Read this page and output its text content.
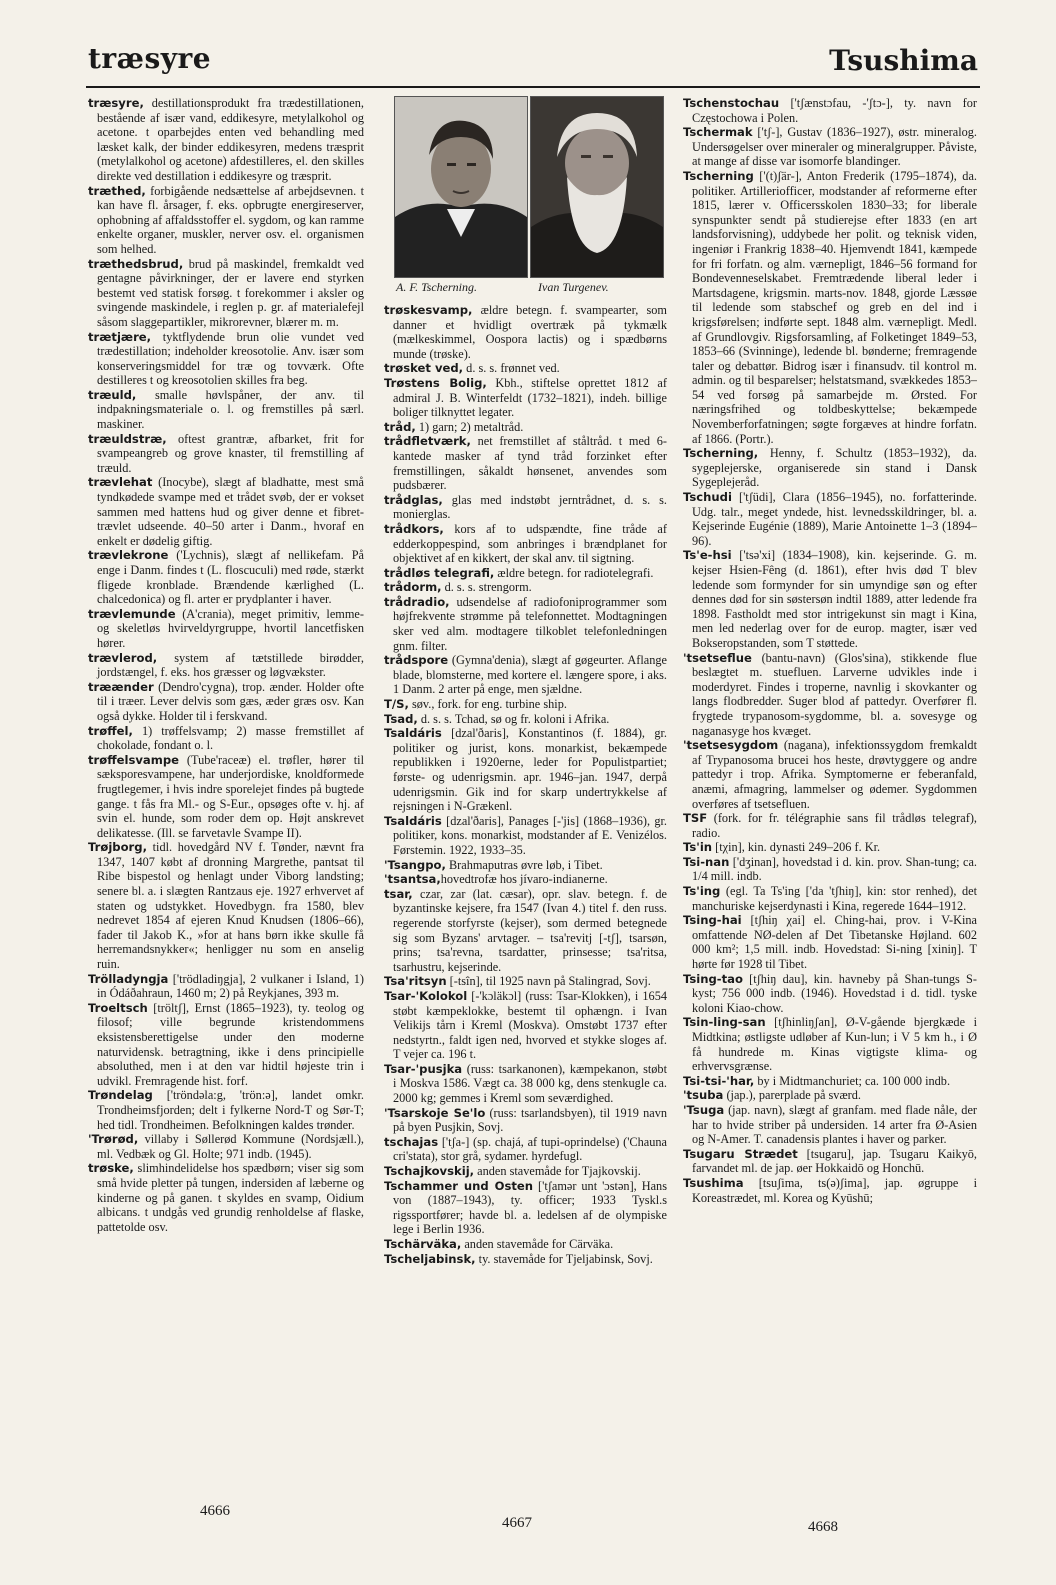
træsyre	Tsushima

træsyre, destillationsprodukt fra trædestillationen, bestående af især vand, eddikesyre, metylalkohol og acetone. t oparbejdes enten ved behandling med læsket kalk, der binder eddikesyren, medens træsprit (metylalkohol og acetone) afdestilleres, el. den skilles direkte ved destillation i eddikesyre og træsprit.

træthed, forbigående nedsættelse af arbejdsevnen. t kan have fl. årsager, f. eks. opbrugte energireserver, ophobning af affaldsstoffer el. sygdom, og kan ramme enkelte organer, muskler, nerver osv. el. organismen som helhed.

træthedsbrud, brud på maskindel, fremkaldt ved gentagne påvirkninger, der er lavere end styrken bestemt ved statisk forsøg. t forekommer i aksler og svingende maskindele, i reglen p. gr. af materialefejl såsom slaggepartikler, mikrorevner, blærer m. m.

trætjære, tyktflydende brun olie vundet ved trædestillation; indeholder kreosotolie. Anv. især som konserveringsmiddel for træ og tovværk. Ofte destilleres t og kreosotolien skilles fra beg.

træuld, smalle høvlspåner, der anv. til indpakningsmateriale o. l. og fremstilles på særl. maskiner.

træuldstræ, oftest grantræ, afbarket, frit for svampeangreb og grove knaster, til fremstilling af træuld.

trævlehat (Inocybe), slægt af bladhatte, mest små tyndkødede svampe med et trådet svøb, der er vokset sammen med hattens hud og giver denne et fibret-trævlet udseende. 40–50 arter i Danm., hvoraf en enkelt er dødelig giftig.

trævlekrone ('Lychnis), slægt af nellikefam. På enge i Danm. findes t (L. floscuculi) med røde, stærkt fligede kronblade. Brændende kærlighed (L. chalcedonica) og fl. arter er prydplanter i haver.

trævlemunde (A'crania), meget primitiv, lemme- og skeletløs hvirveldyrgruppe, hvortil lancetfisken hører.

trævlerod, system af tætstillede birødder, jordstængel, f. eks. hos græsser og løgvækster.

træænder (Dendro'cygna), trop. ænder. Holder ofte til i træer. Lever delvis som gæs, æder græs osv. Kan også dykke. Holder til i ferskvand.

trøffel, 1) trøffelsvamp; 2) masse fremstillet af chokolade, fondant o. l.

trøffelsvampe (Tube'raceæ) el. trøfler, hører til sæksporesvampene, har underjordiske, knoldformede frugtlegemer, i hvis indre sporelejet findes på bugtede gange. t fås fra Ml.- og S-Eur., opsøges ofte v. hj. af svin el. hunde, som roder dem op. Højt anskrevet delikatesse. (Ill. se farvetavle Svampe II).

Trøjborg, tidl. hovedgård NV f. Tønder, nævnt fra 1347, 1407 købt af dronning Margrethe, pantsat til Ribe bispestol og henlagt under Viborg landsting; senere bl. a. i slægten Rantzaus eje. 1927 erhvervet af staten og udstykket. Hovedbygn. fra 1580, blev nedrevet 1854 af ejeren Knud Knudsen (1806–66), fader til Jakob K., »for at hans børn ikke skulle få herremandsnykker«; henligger nu som en anselig ruin.

Trölladyngja ['trödladiŋgja], 2 vulkaner i Island, 1) in Ódáðahraun, 1460 m; 2) på Reykjanes, 393 m.

Troeltsch [tröltʃ], Ernst (1865–1923), ty. teolog og filosof; ville begrunde kristendommens eksistensberettigelse under den moderne naturvidensk. betragtning, ikke i dens principielle absoluthed, men i at den var hidtil højeste trin i udvikl. Fremragende hist. forf.

Trøndelag ['tröndəla:g, 'trön:ə], landet omkr. Trondheimsfjorden; delt i fylkerne Nord-T og Sør-T; hed tidl. Trondheimen. Befolkningen kaldes trønder.

'Trørød, villaby i Søllerød Kommune (Nordsjæll.), ml. Vedbæk og Gl. Holte; 971 indb. (1945).

trøske, slimhindelidelse hos spædbørn; viser sig som små hvide pletter på tungen, indersiden af læberne og kinderne og på ganen. t skyldes en svamp, Oidium albicans. t undgås ved grundig renholdelse af flaske, pattetolde osv.

A. F. Tscherning.	Ivan Turgenev.

trøskesvamp, ældre betegn. f. svampearter, som danner et hvidligt overtræk på tykmælk (mælkeskimmel, Oospora lactis) og i spædbørns munde (trøske).

trøsket ved, d. s. s. frønnet ved.

Trøstens Bolig, Kbh., stiftelse oprettet 1812 af admiral J. B. Winterfeldt (1732–1821), indeh. billige boliger tilknyttet legater.

tråd, 1) garn; 2) metaltråd.

trådfletværk, net fremstillet af ståltråd. t med 6-kantede masker af tynd tråd forzinket efter fremstillingen, såkaldt hønsenet, anvendes som pudsbærer.

trådglas, glas med indstøbt jerntrådnet, d. s. s. monierglas.

trådkors, kors af to udspændte, fine tråde af edderkoppespind, som anbringes i brændplanet for objektivet af en kikkert, der skal anv. til sigtning.

trådløs telegrafi, ældre betegn. for radiotelegrafi.

trådorm, d. s. s. strengorm.

trådradio, udsendelse af radiofoniprogrammer som højfrekvente strømme på telefonnettet. Modtagningen sker ved alm. modtagere tilkoblet telefonledningen gnm. filter.

trådspore (Gymna'denia), slægt af gøgeurter. Aflange blade, blomsterne, med kortere el. længere spore, i aks. 1 Danm. 2 arter på enge, men sjældne.

T/S, søv., fork. for eng. turbine ship.

Tsad, d. s. s. Tchad, sø og fr. koloni i Afrika.

Tsaldáris [dzal'ðaris], Konstantinos (f. 1884), gr. politiker og jurist, kons. monarkist, bekæmpede republikken i 1920erne, leder for Populistpartiet; første- og udenrigsmin. apr. 1946–jan. 1947, derpå udenrigsmin. Gik ind for skarp undertrykkelse af rejsningen i N-Grækenl.

Tsaldáris [dzal'ðaris], Panages [-'jis] (1868–1936), gr. politiker, kons. monarkist, modstander af E. Venizélos. Førstemin. 1922, 1933–35.

'Tsangpo, Brahmaputras øvre løb, i Tibet.

'tsantsa,hovedtrofæ hos jívaro-indianerne.

tsar, czar, zar (lat. cæsar), opr. slav. betegn. f. de byzantinske kejsere, fra 1547 (Ivan 4.) titel f. den russ. regerende storfyrste (kejser), som dermed betegnede sig som Byzans' arvtager. – tsa'revitj [-tʃ], tsarsøn, prins; tsa'revna, tsardatter, prinsesse; tsa'ritsa, tsarhustru, kejserinde.

Tsa'ritsyn [-tsîn], til 1925 navn på Stalingrad, Sovj.

Tsar-'Kolokol [-'kɔläkɔl] (russ: Tsar-Klokken), i 1654 støbt kæmpeklokke, bestemt til ophængn. i Ivan Velikijs tårn i Kreml (Moskva). Omstøbt 1737 efter nedstyrtn., faldt igen ned, hvorved et stykke sloges af. T vejer ca. 196 t.

Tsar-'pusjka (russ: tsarkanonen), kæmpekanon, støbt i Moskva 1586. Vægt ca. 38 000 kg, dens stenkugle ca. 2000 kg; gemmes i Kreml som seværdighed.

'Tsarskoje Se'lo (russ: tsarlandsbyen), til 1919 navn på byen Pusjkin, Sovj.

tschajas ['tʃa-] (sp. chajá, af tupi-oprindelse) ('Chauna cri'stata), stor grå, sydamer. hyrdefugl.

Tschajkovskij, anden stavemåde for Tjajkovskij.

Tschammer und Osten ['tʃamər unt 'ɔstən], Hans von (1887–1943), ty. officer; 1933 Tyskl.s rigssportfører; havde bl. a. ledelsen af de olympiske lege i Berlin 1936.

Tschärväka, anden stavemåde for Cärväka.

Tscheljabinsk, ty. stavemåde for Tjeljabinsk, Sovj.

Tschenstochau ['tʃænstɔfau, -'ʃtɔ-], ty. navn for Częstochowa i Polen.

Tschermak ['tʃ-], Gustav (1836–1927), østr. mineralog. Undersøgelser over mineraler og mineralgrupper. Påviste, at mange af disse var isomorfe blandinger.

Tscherning ['(t)ʃär-], Anton Frederik (1795–1874), da. politiker. Artilleriofficer, modstander af reformerne efter 1815, lærer v. Officersskolen 1830–33; for liberale synspunkter sendt på studierejse efter 1833 (en art landsforvisning), uddybede her polit. og teknisk viden, ingeniør i Frankrig 1838–40. Hjemvendt 1841, kæmpede for fri forfatn. og alm. værnepligt, 1846–56 formand for Bondevenneselskabet. Fremtrædende liberal leder i Martsdagene, krigsmin. marts-nov. 1848, gjorde Læssøe til ledende som stabschef og greb en del ind i krigsførelsen; indførte sept. 1848 alm. værnepligt. Medl. af Grundlovgiv. Rigsforsamling, af Folketinget 1849–53, 1853–66 (Svinninge), ledende bl. bønderne; fremragende taler og debattør. Bidrog især i finansudv. til kontrol m. admin. og til besparelser; helstatsmand, svækkedes 1853–54 ved forsøg på samarbejde m. Ørsted. For næringsfrihed og toldbeskyttelse; bekæmpede Novemberforfatningen; søgte forgæves at hindre forfatn. af 1866. (Portr.).

Tscherning, Henny, f. Schultz (1853–1932), da. sygeplejerske, organiserede sin stand i Dansk Sygeplejeråd.

Tschudi ['tʃüdi], Clara (1856–1945), no. forfatterinde. Udg. talr., meget yndede, hist. levnedsskildringer, bl. a. Kejserinde Eugénie (1889), Marie Antoinette 1–3 (1894–96).

Ts'e-hsi ['tsə'xi] (1834–1908), kin. kejserinde. G. m. kejser Hsien-Fêng (d. 1861), efter hvis død T blev ledende som formynder for sin umyndige søn og efter dennes død for sin søstersøn indtil 1889, atter ledende fra 1898. Fastholdt med stor intrigekunst sin magt i Kina, men led nederlag over for de europ. magter, især ved Bokseropstanden, som T støttede.

'tsetseflue (bantu-navn) (Glos'sina), stikkende flue beslægtet m. stuefluen. Larverne udvikles inde i moderdyret. Findes i troperne, navnlig i skovkanter og langs flodbredder. Suger blod af pattedyr. Overfører fl. frygtede trypanosom-sygdomme, bl. a. sovesyge og naganasyge hos kvæget.

'tsetsesygdom (nagana), infektionssygdom fremkaldt af Trypanosoma brucei hos heste, drøvtyggere og andre pattedyr i trop. Afrika. Symptomerne er feberanfald, anæmi, afmagring, lammelser og ødemer. Sygdommen overføres af tsetsefluen.

TSF (fork. for fr. télégraphie sans fil trådløs telegraf), radio.

Ts'in [tχin], kin. dynasti 249–206 f. Kr.

Tsi-nan ['dʒinan], hovedstad i d. kin. prov. Shan-tung; ca. 1/4 mill. indb.

Ts'ing (egl. Ta Ts'ing ['da 'tʃhiŋ], kin: stor renhed), det manchuriske kejserdynasti i Kina, regerede 1644–1912.

Tsing-hai [tʃhiŋ χai] el. Ching-hai, prov. i V-Kina omfattende NØ-delen af Det Tibetanske Højland. 602 000 km²; 1,5 mill. indb. Hovedstad: Si-ning [xiniŋ]. T hørte før 1928 til Tibet.

Tsing-tao [tʃhiŋ dau], kin. havneby på Shan-tungs S-kyst; 756 000 indb. (1946). Hovedstad i d. tidl. tyske koloni Kiao-chow.

Tsin-ling-san [tʃhinliŋʃan], Ø-V-gående bjergkæde i Midtkina; østligste udløber af Kun-lun; i V 5 km h., i Ø få hundrede m. Kinas vigtigste klima- og erhvervsgrænse.

Tsi-tsi-'har, by i Midtmanchuriet; ca. 100 000 indb.

'tsuba (jap.), parerplade på sværd.

'Tsuga (jap. navn), slægt af granfam. med flade nåle, der har to hvide striber på undersiden. 14 arter fra Ø-Asien og N-Amer. T. canadensis plantes i haver og parker.

Tsugaru Strædet [tsugaru], jap. Tsugaru Kaikyō, farvandet ml. de jap. øer Hokkaidō og Honchū.

Tsushima [tsuʃima, ts(ə)ʃima], jap. øgruppe i Koreastrædet, ml. Korea og Kyūshū;

4666
4667	4668
